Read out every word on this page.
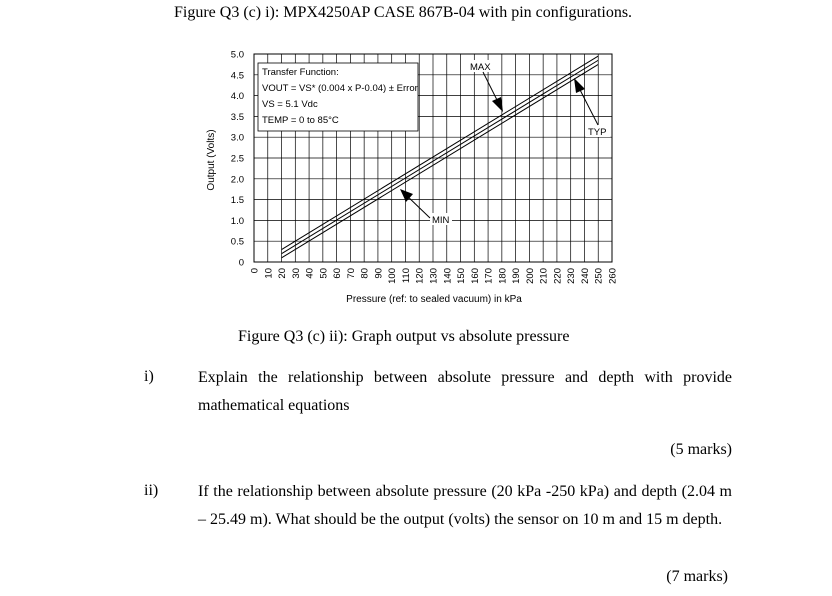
Figure Q3 (c) i): MPX4250AP CASE 867B-04 with pin configurations.
Transfer Function:
VOUT = VS* (0.004 x P-0.04) ± Error
VS = 5.1 Vdc
TEMP = 0 to 85°C
MAX
TYP
MIN
0
0.5
1.0
1.5
2.0
2.5
3.0
3.5
4.0
4.5
5.0
0 10 20 30 40 50 60 70 80 90 100 110 120 130 140 150 160 170 180 190 200 210 220 230 240 250 260
Pressure (ref: to sealed vacuum) in kPa
Output (Volts)
Figure Q3 (c) ii): Graph output vs absolute pressure
i)	Explain the relationship between absolute pressure and depth with provide mathematical equations
(5 marks)
ii) If the relationship between absolute pressure (20 kPa -250 kPa) and depth (2.04 m – 25.49 m). What should be the output (volts) the sensor on 10 m and 15 m depth.
(7 marks)
